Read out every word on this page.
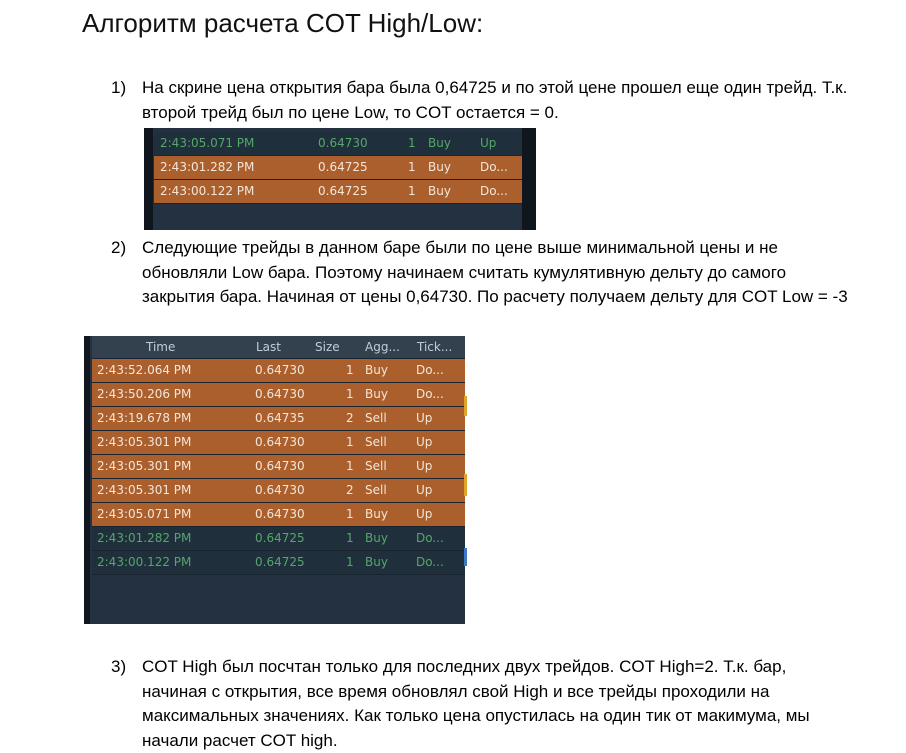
Алгоритм расчета COT High/Low:
1) На скрине цена открытия бара была 0,64725 и по этой цене прошел еще один трейд. Т.к. второй трейд был по цене Low, то COT остается = 0.
2:43:05.071 PM	0.64730	1 Buy Up
2:43:01.282 PM	0.64725	1 Buy Do...
2:43:00.122 PM	0.64725	1 Buy Do...
2) Следующие трейды в данном баре были по цене выше минимальной цены и не обновляли Low бара. Поэтому начинаем считать кумулятивную дельту до самого закрытия бара. Начиная от цены 0,64730. По расчету получаем дельту для COT Low = -3
Time	Last	Size Agg... Tick...
2:43:52.064 PM	0.64730	1 Buy Do...
2:43:50.206 PM	0.64730	1 Buy Do...
2:43:19.678 PM	0.64735	2 Sell Up
2:43:05.301 PM	0.64730	1 Sell Up
2:43:05.301 PM	0.64730	1 Sell Up
2:43:05.301 PM	0.64730	2 Sell Up
2:43:05.071 PM	0.64730	1 Buy Up
2:43:01.282 PM	0.64725	1 Buy Do...
2:43:00.122 PM	0.64725	1 Buy Do...
3) COT High был посчтан только для последних двух трейдов. COT High=2. Т.к. бар, начиная с открытия, все время обновлял свой High и все трейды проходили на максимальных значениях. Как только цена опустилась на один тик от макимума, мы начали расчет COT high.
